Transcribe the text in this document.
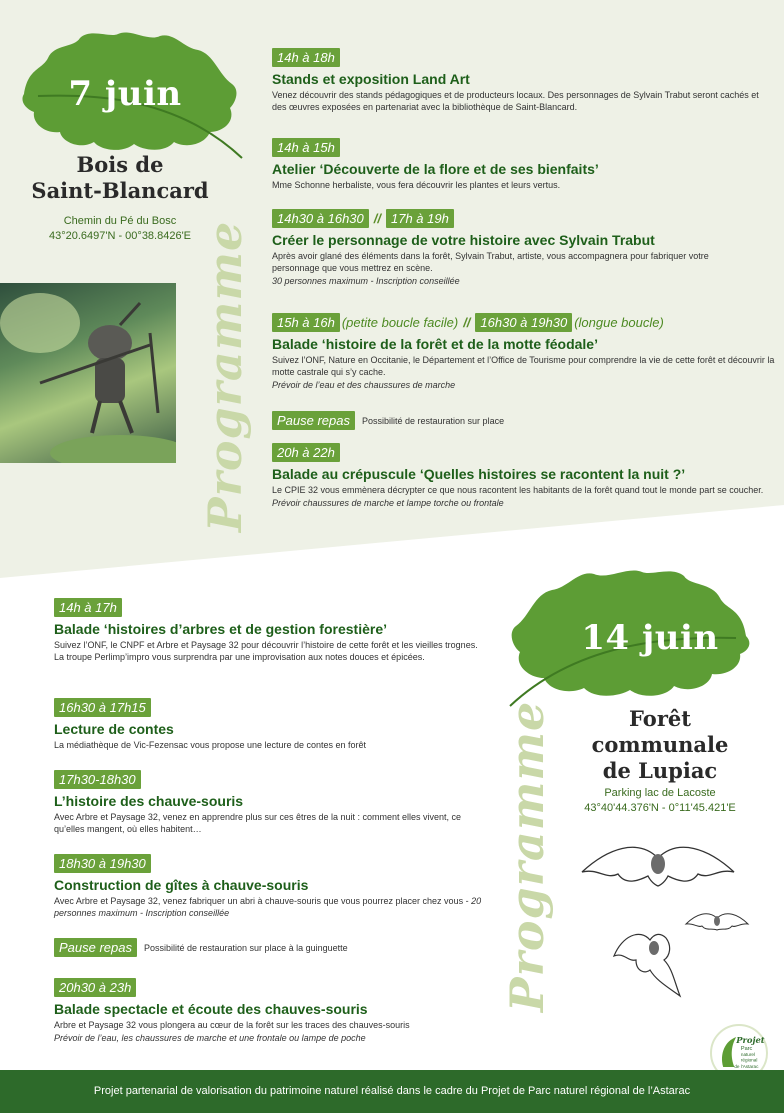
7 juin
Bois de
Saint-Blancard
Chemin du Pé du Bosc
43°20.6497'N - 00°38.8426'E Programme
14h à 18h
Stands et exposition Land Art
Venez découvrir des stands pédagogiques et de producteurs locaux. Des personnages de Sylvain Trabut seront cachés et des œuvres exposées en partenariat avec la bibliothèque de Saint-Blancard.
14h à 15h
Atelier ‘Découverte de la flore et de ses bienfaits’
Mme Schonne herbaliste, vous fera découvrir les plantes et leurs vertus.
14h30 à 16h30 // 17h à 19h
Créer le personnage de votre histoire avec Sylvain Trabut
Après avoir glané des éléments dans la forêt, Sylvain Trabut, artiste, vous accompagnera pour fabriquer votre personnage que vous mettrez en scène.
30 personnes maximum - Inscription conseillée
15h à 16h (petite boucle facile) // 16h30 à 19h30 (longue boucle)
Balade ‘histoire de la forêt et de la motte féodale’
Suivez l’ONF, Nature en Occitanie, le Département et l’Office de Tourisme pour comprendre la vie de cette forêt et découvrir la motte castrale qui s’y cache.
Prévoir de l’eau et des chaussures de marche
Pause repas	Possibilité de restauration sur place
20h à 22h
Balade au crépuscule ‘Quelles histoires se racontent la nuit ?’
Le CPIE 32 vous emmènera décrypter ce que nous racontent les habitants de la forêt quand tout le monde part se coucher.
Prévoir chaussures de marche et lampe torche ou frontale
14 juin
Forêt
communale
de Lupiac
Parking lac de Lacoste
43°40'44.376'N - 0°11'45.421'E
Programme
14h à 17h
Balade ‘histoires d’arbres et de gestion forestière’
Suivez l’ONF, le CNPF et Arbre et Paysage 32 pour découvrir l’histoire de cette forêt et les vieilles trognes. La troupe Perlimp’impro vous surprendra par une improvisation aux notes douces et épicées.
16h30 à 17h15
Lecture de contes
La médiathèque de Vic-Fezensac vous propose une lecture de contes en forêt
17h30-18h30
L’histoire des chauve-souris
Avec Arbre et Paysage 32, venez en apprendre plus sur ces êtres de la nuit : comment elles vivent, ce qu’elles mangent, où elles habitent…
18h30 à 19h30
Construction de gîtes à chauve-souris
Avec Arbre et Paysage 32, venez fabriquer un abri à chauve-souris que vous pourrez placer chez vous - 20 personnes maximum - Inscription conseillée
Pause repas	Possibilité de restauration sur place à la guinguette
20h30 à 23h
Balade spectacle et écoute des chauves-souris
Arbre et Paysage 32 vous plongera au cœur de la forêt sur les traces des chauves-souris
Prévoir de l’eau, les chaussures de marche et une frontale ou lampe de poche	Projet
Parc
naturel
régional
de l'Astarac
Projet partenarial de valorisation du patrimoine naturel réalisé dans le cadre du Projet de Parc naturel régional de l’Astarac
